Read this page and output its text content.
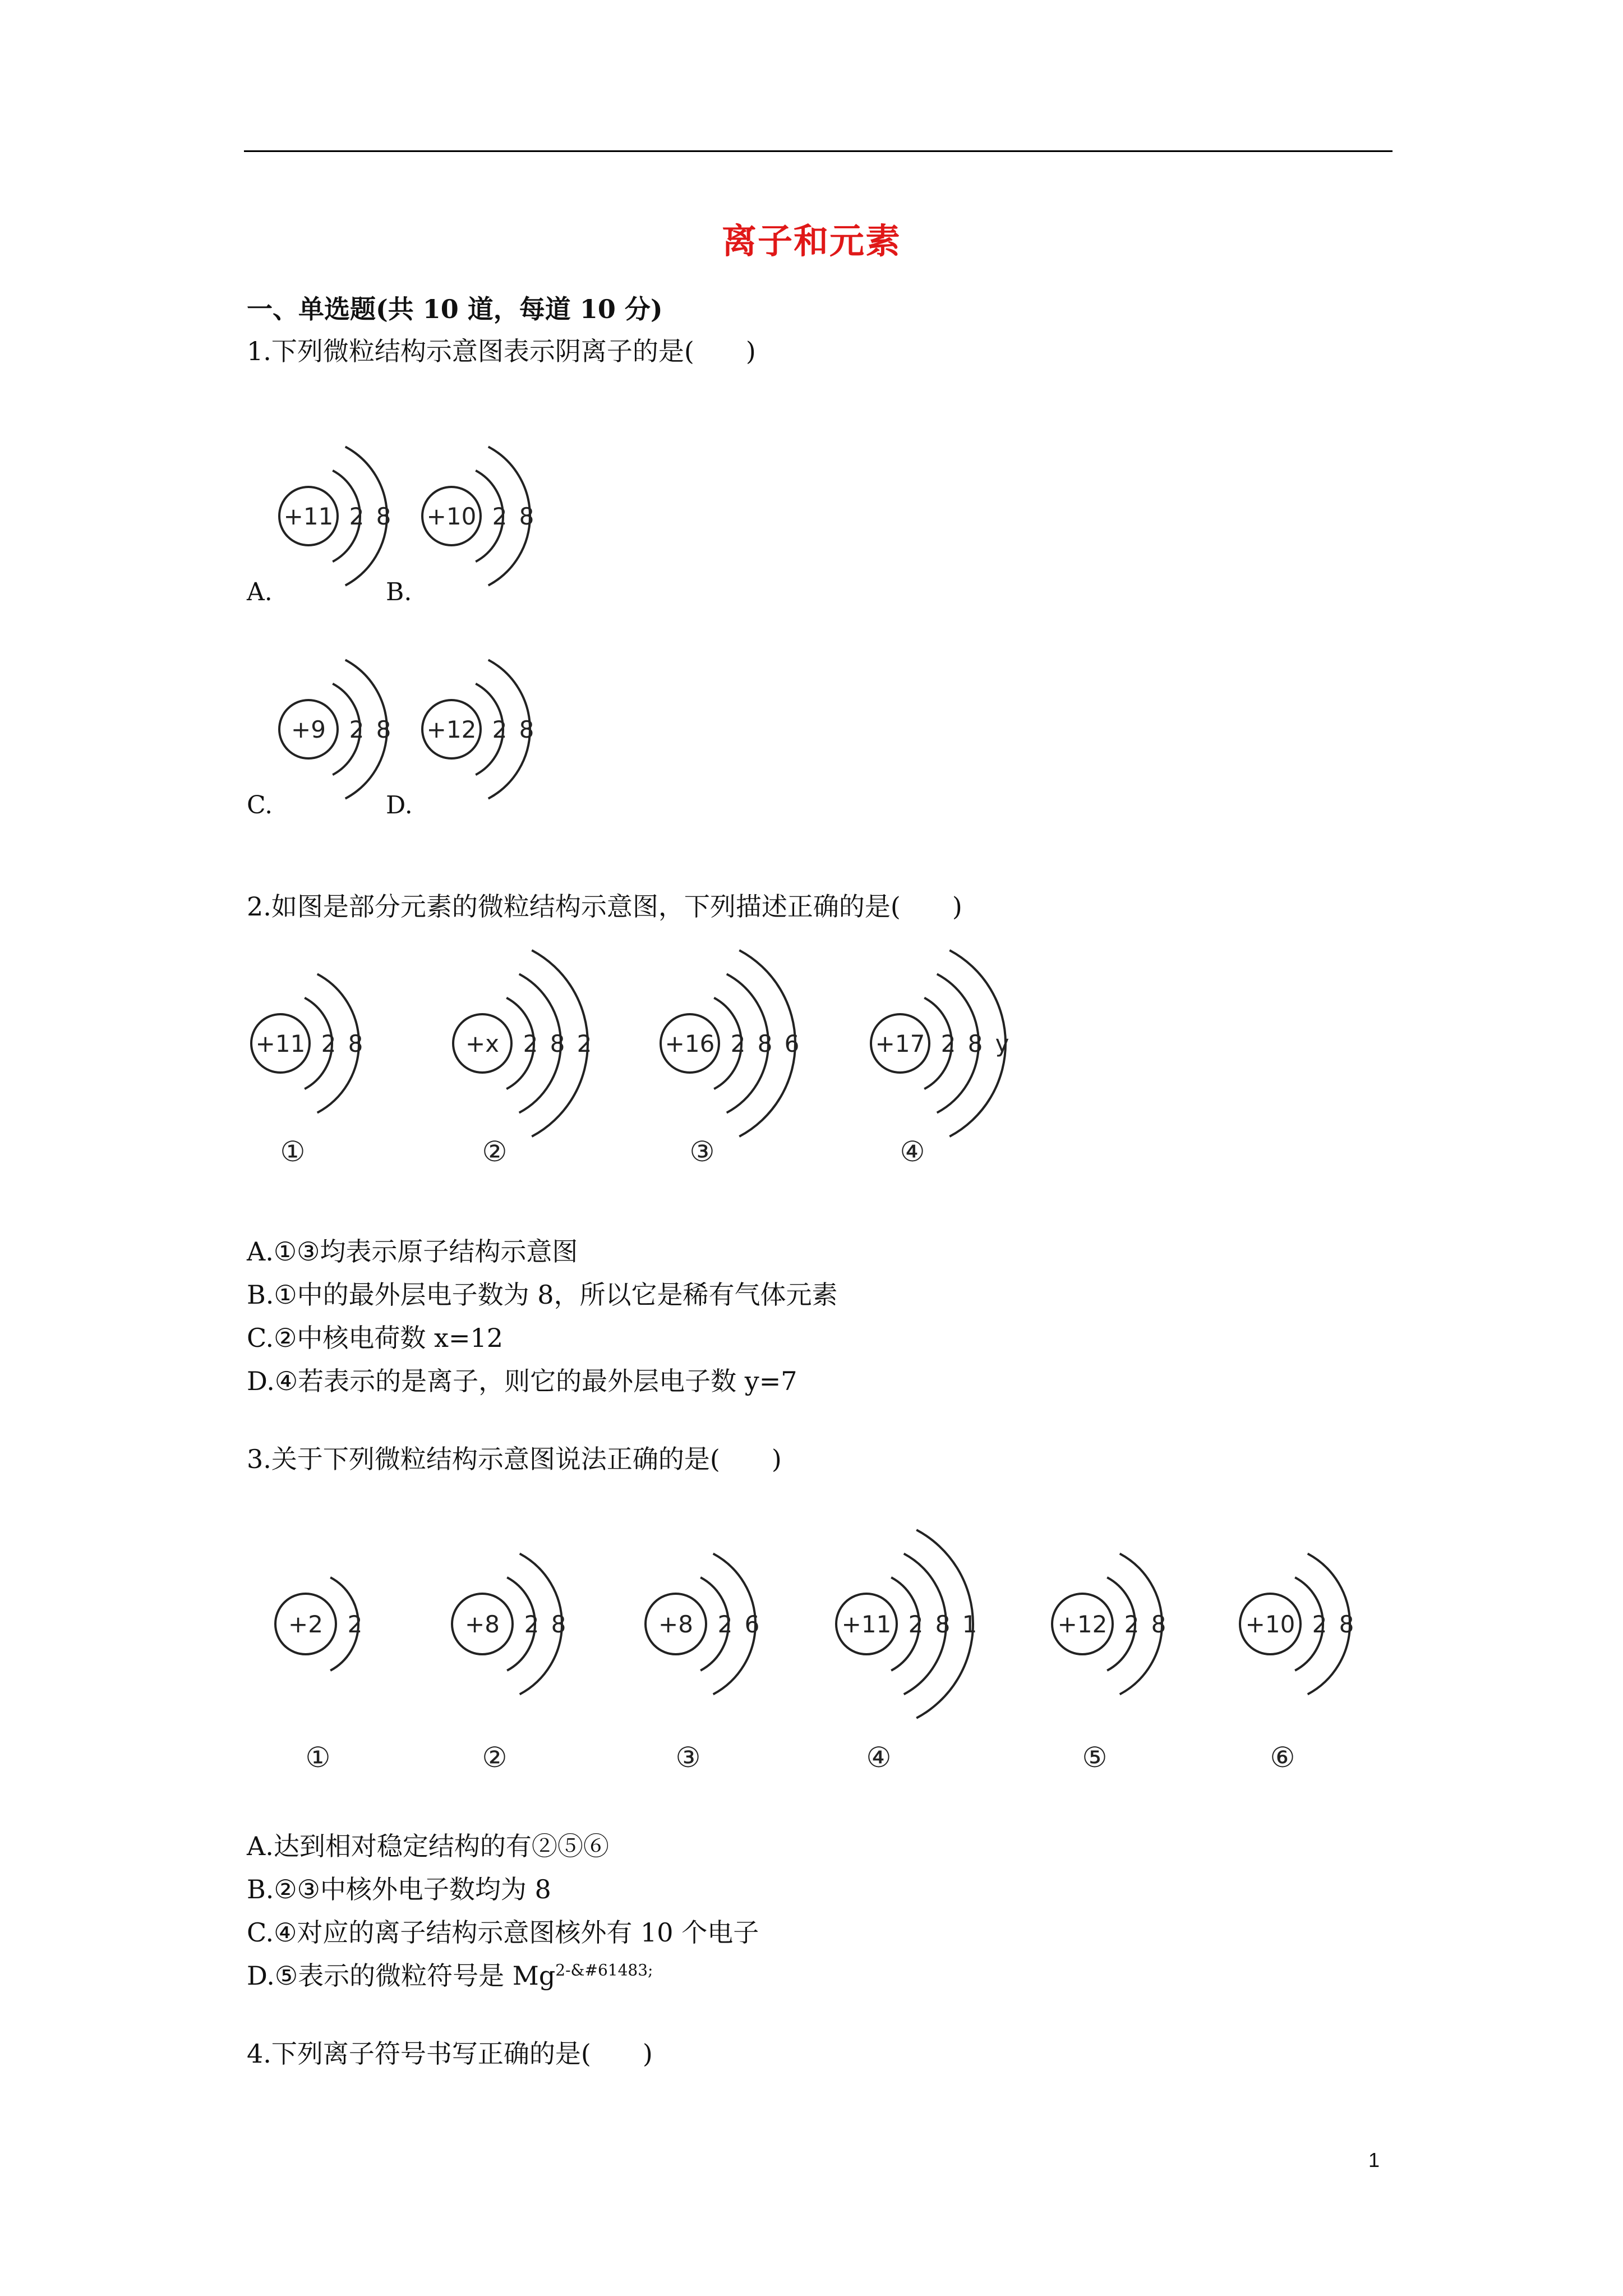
离子和元素
一、单选题(共 10 道，每道 10 分)
1.下列微粒结构示意图表示阴离子的是(　　)
+11 2 8
A.
+10 2 8
B.
+9 2 8
C.
+12 2 8
D.
2.如图是部分元素的微粒结构示意图，下列描述正确的是(　　)
+11 2 8
①
+x 2 8 2
②
+16 2 8 6
③
+17 2 8 y
④
A.①③均表示原子结构示意图
B.①中的最外层电子数为 8，所以它是稀有气体元素
C.②中核电荷数 x=12
D.④若表示的是离子，则它的最外层电子数 y=7
3.关于下列微粒结构示意图说法正确的是(　　)
+2 2
①
+8 2 8
②
+8 2 6
③
+11 2 8 1
④
+12 2 8
⑤
+10 2 8
⑥
A.达到相对稳定结构的有②⑤⑥
B.②③中核外电子数均为 8
C.④对应的离子结构示意图核外有 10 个电子
D.⑤表示的微粒符号是 $Mg^{2-\&\#61483;}$
4.下列离子符号书写正确的是(　　)
1
